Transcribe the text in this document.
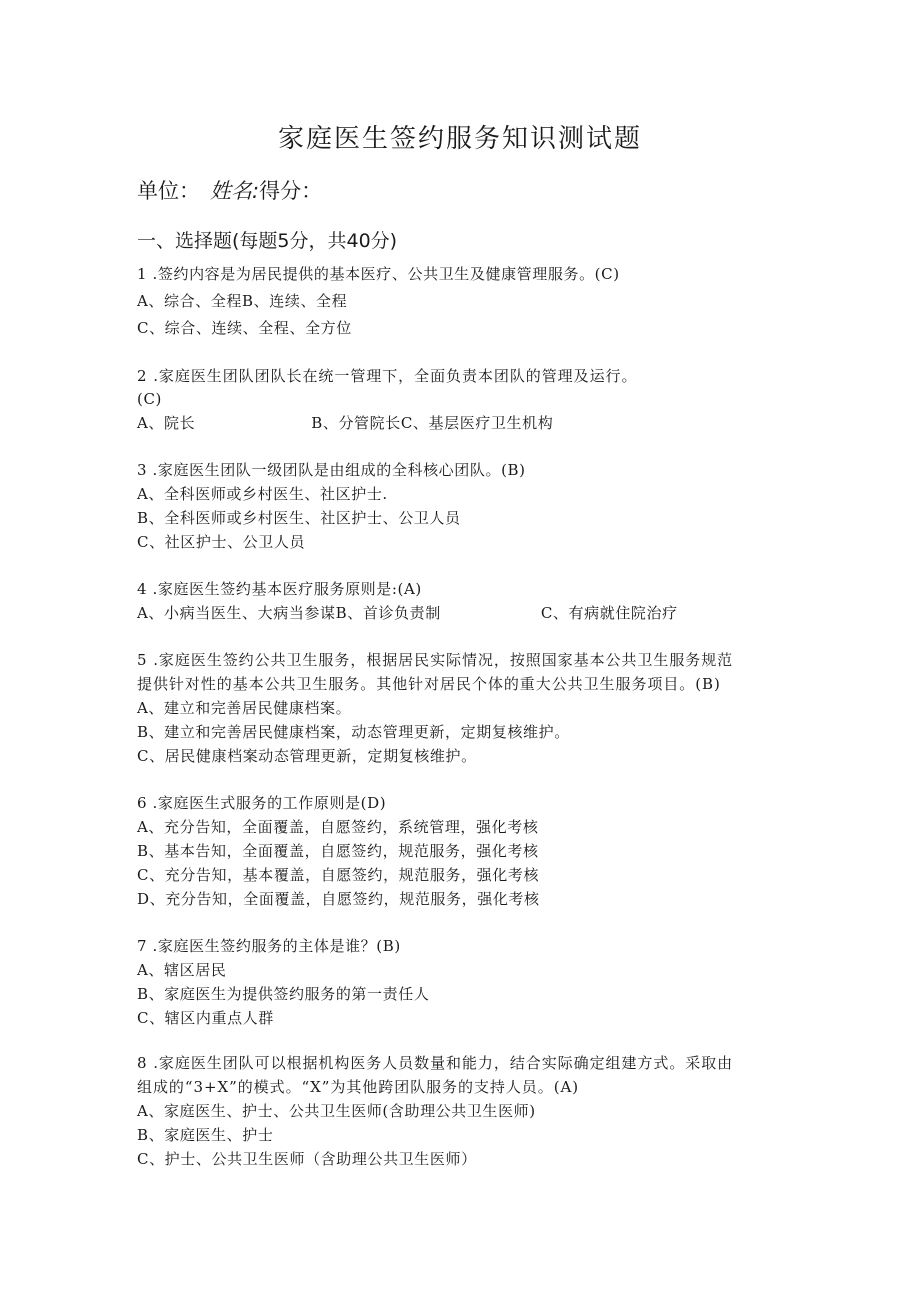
家庭医生签约服务知识测试题
单位： 姓名:得分：
一、选择题(每题5分，共40分)
1 .签约内容是为居民提供的基本医疗、公共卫生及健康管理服务。(C)
A、综合、全程B、连续、全程
C、综合、连续、全程、全方位
2 .家庭医生团队团队长在统一管理下，全面负责本团队的管理及运行。
(C)
A、院长	B、分管院长C、基层医疗卫生机构
3 .家庭医生团队一级团队是由组成的全科核心团队。(B)
A、全科医师或乡村医生、社区护士.
B、全科医师或乡村医生、社区护士、公卫人员
C、社区护士、公卫人员
4 .家庭医生签约基本医疗服务原则是:(A)
A、小病当医生、大病当参谋B、首诊负责制	C、有病就住院治疗
5 .家庭医生签约公共卫生服务，根据居民实际情况，按照国家基本公共卫生服务规范
提供针对性的基本公共卫生服务。其他针对居民个体的重大公共卫生服务项目。(B)
A、建立和完善居民健康档案。
B、建立和完善居民健康档案，动态管理更新，定期复核维护。
C、居民健康档案动态管理更新，定期复核维护。
6 .家庭医生式服务的工作原则是(D)
A、充分告知，全面覆盖，自愿签约，系统管理，强化考核
B、基本告知，全面覆盖，自愿签约，规范服务，强化考核
C、充分告知，基本覆盖，自愿签约，规范服务，强化考核
D、充分告知，全面覆盖，自愿签约，规范服务，强化考核
7 .家庭医生签约服务的主体是谁？(B)
A、辖区居民
B、家庭医生为提供签约服务的第一责任人
C、辖区内重点人群
8 .家庭医生团队可以根据机构医务人员数量和能力，结合实际确定组建方式。采取由
组成的“3+X”的模式。“X”为其他跨团队服务的支持人员。(A)
A、家庭医生、护士、公共卫生医师(含助理公共卫生医师)
B、家庭医生、护士
C、护士、公共卫生医师（含助理公共卫生医师）
